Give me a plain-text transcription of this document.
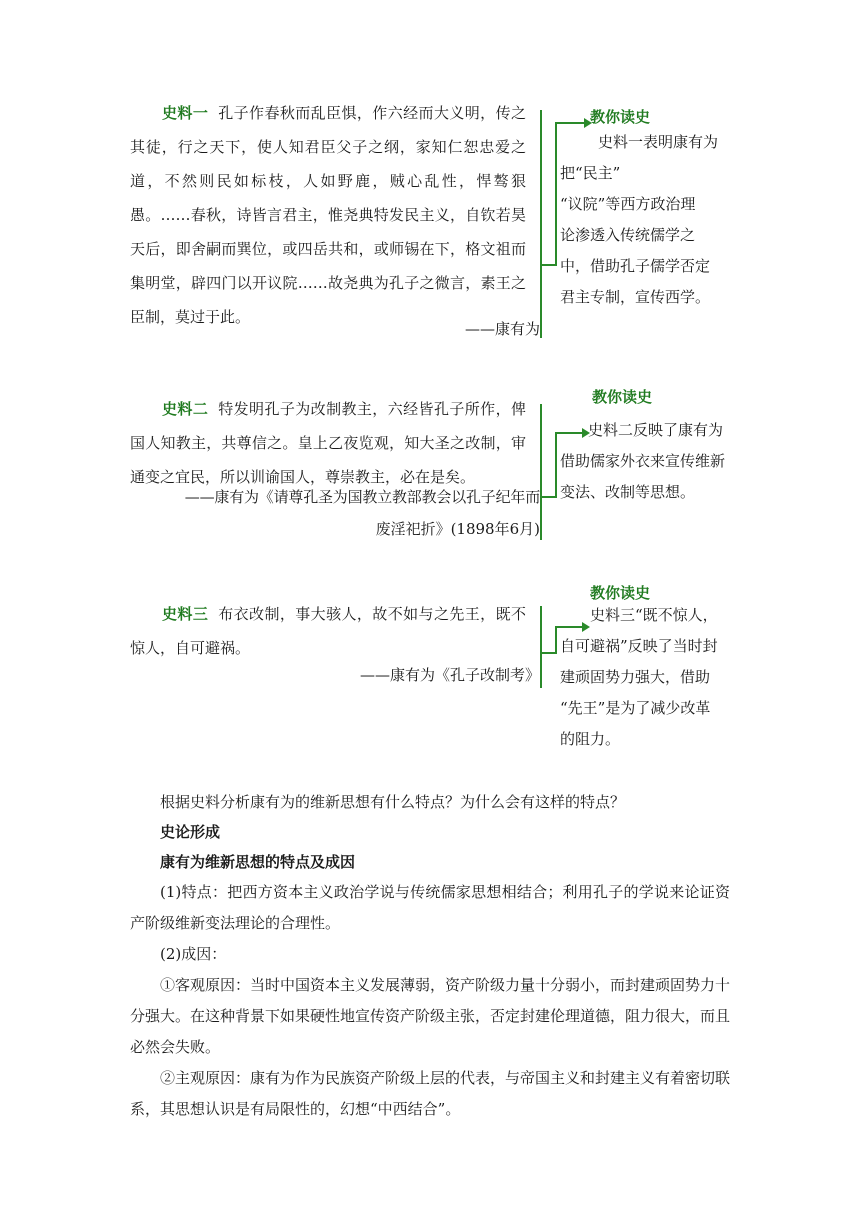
史料一 孔子作春秋而乱臣惧，作六经而大义明，传之其徒，行之天下，使人知君臣父子之纲，家知仁恕忠爱之道，不然则民如标枝，人如野鹿，贼心乱性，悍骜狠愚。……春秋，诗皆言君主，惟尧典特发民主义，自钦若昊天后，即舍嗣而巽位，或四岳共和，或师锡在下，格文祖而集明堂，辟四门以开议院……故尧典为孔子之微言，素王之臣制，莫过于此。
——康有为
教你读史
史料一表明康有为
把“民主”
“议院”等西方政治理
论渗透入传统儒学之
中，借助孔子儒学否定
君主专制，宣传西学。
史料二 特发明孔子为改制教主，六经皆孔子所作，俾国人知教主，共尊信之。皇上乙夜览观，知大圣之改制，审通变之宜民，所以训谕国人，尊崇教主，必在是矣。
——康有为《请尊孔圣为国教立教部教会以孔子纪年而
废淫祀折》(1898年6月)
教你读史
史料二反映了康有为
借助儒家外衣来宣传维新
变法、改制等思想。
史料三 布衣改制，事大骇人，故不如与之先王，既不惊人，自可避祸。
——康有为《孔子改制考》
教你读史
史料三“既不惊人，
自可避祸”反映了当时封
建顽固势力强大，借助
“先王”是为了减少改革
的阻力。
根据史料分析康有为的维新思想有什么特点？为什么会有这样的特点？
史论形成
康有为维新思想的特点及成因
(1)特点：把西方资本主义政治学说与传统儒家思想相结合；利用孔子的学说来论证资产阶级维新变法理论的合理性。
(2)成因：
①客观原因：当时中国资本主义发展薄弱，资产阶级力量十分弱小，而封建顽固势力十分强大。在这种背景下如果硬性地宣传资产阶级主张，否定封建伦理道德，阻力很大，而且必然会失败。
②主观原因：康有为作为民族资产阶级上层的代表，与帝国主义和封建主义有着密切联系，其思想认识是有局限性的，幻想“中西结合”。
